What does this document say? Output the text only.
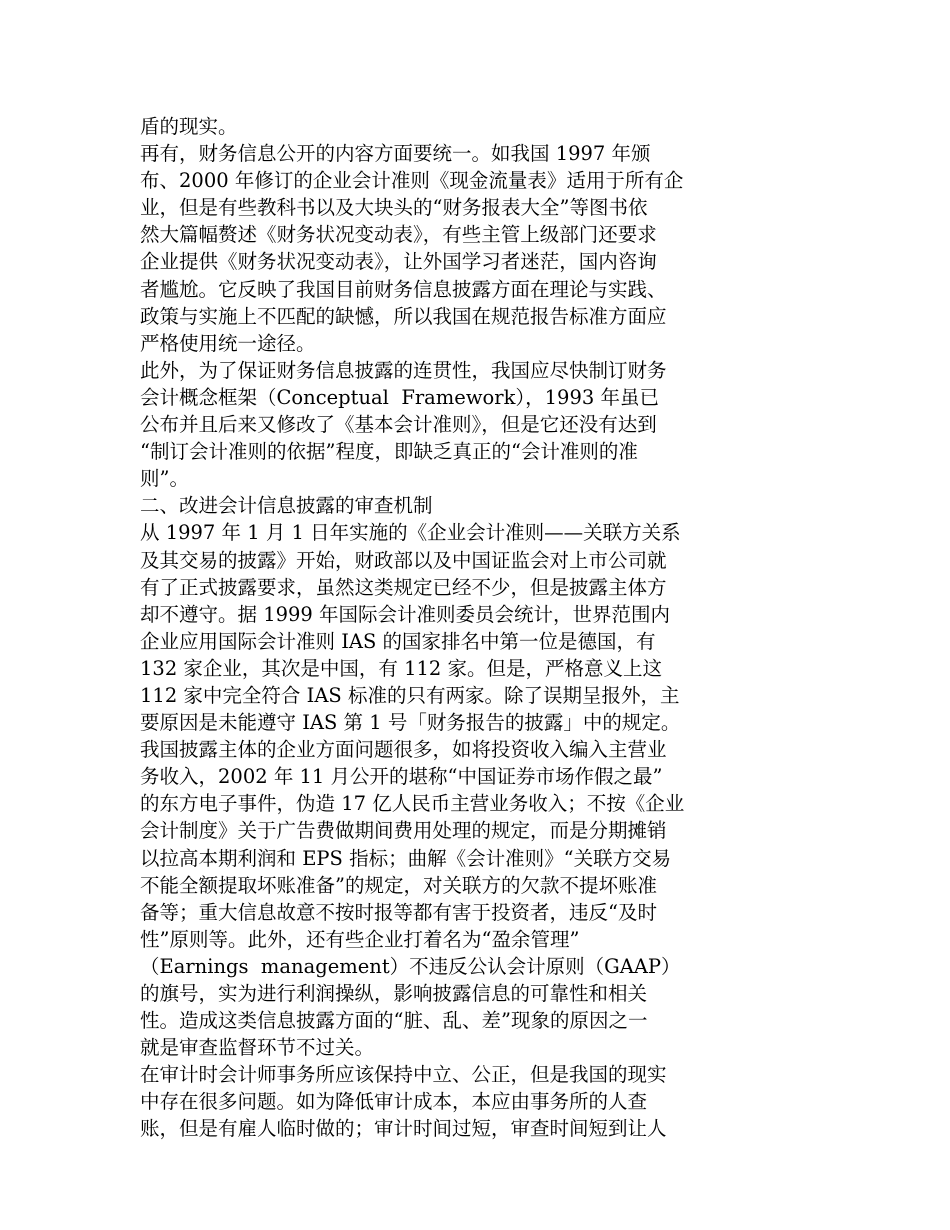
盾的现实。
再有，财务信息公开的内容方面要统一。如我国 1997 年颁
布、2000 年修订的企业会计准则《现金流量表》适用于所有企
业，但是有些教科书以及大块头的“财务报表大全”等图书依
然大篇幅赘述《财务状况变动表》，有些主管上级部门还要求
企业提供《财务状况变动表》，让外国学习者迷茫，国内咨询
者尴尬。它反映了我国目前财务信息披露方面在理论与实践、
政策与实施上不匹配的缺憾，所以我国在规范报告标准方面应
严格使用统一途径。
此外，为了保证财务信息披露的连贯性，我国应尽快制订财务
会计概念框架（Conceptual  Framework），1993 年虽已
公布并且后来又修改了《基本会计准则》，但是它还没有达到
“制订会计准则的依据”程度，即缺乏真正的“会计准则的准
则”。
二、改进会计信息披露的审查机制
从 1997 年 1 月 1 日年实施的《企业会计准则——关联方关系
及其交易的披露》开始，财政部以及中国证监会对上市公司就
有了正式披露要求，虽然这类规定已经不少，但是披露主体方
却不遵守。据 1999 年国际会计准则委员会统计，世界范围内
企业应用国际会计准则 IAS 的国家排名中第一位是德国，有
132 家企业，其次是中国，有 112 家。但是，严格意义上这
112 家中完全符合 IAS 标准的只有两家。除了误期呈报外，主
要原因是未能遵守 IAS 第 1 号「财务报告的披露」中的规定。
我国披露主体的企业方面问题很多，如将投资收入编入主营业
务收入，2002 年 11 月公开的堪称“中国证券市场作假之最”
的东方电子事件，伪造 17 亿人民币主营业务收入；不按《企业
会计制度》关于广告费做期间费用处理的规定，而是分期摊销
以拉高本期利润和 EPS 指标；曲解《会计准则》“关联方交易
不能全额提取坏账准备”的规定，对关联方的欠款不提坏账准
备等；重大信息故意不按时报等都有害于投资者，违反“及时
性”原则等。此外，还有些企业打着名为“盈余管理”
（Earnings  management）不违反公认会计原则（GAAP）
的旗号，实为进行利润操纵，影响披露信息的可靠性和相关
性。造成这类信息披露方面的“脏、乱、差”现象的原因之一
就是审查监督环节不过关。
在审计时会计师事务所应该保持中立、公正，但是我国的现实
中存在很多问题。如为降低审计成本，本应由事务所的人查
账，但是有雇人临时做的；审计时间过短，审查时间短到让人
